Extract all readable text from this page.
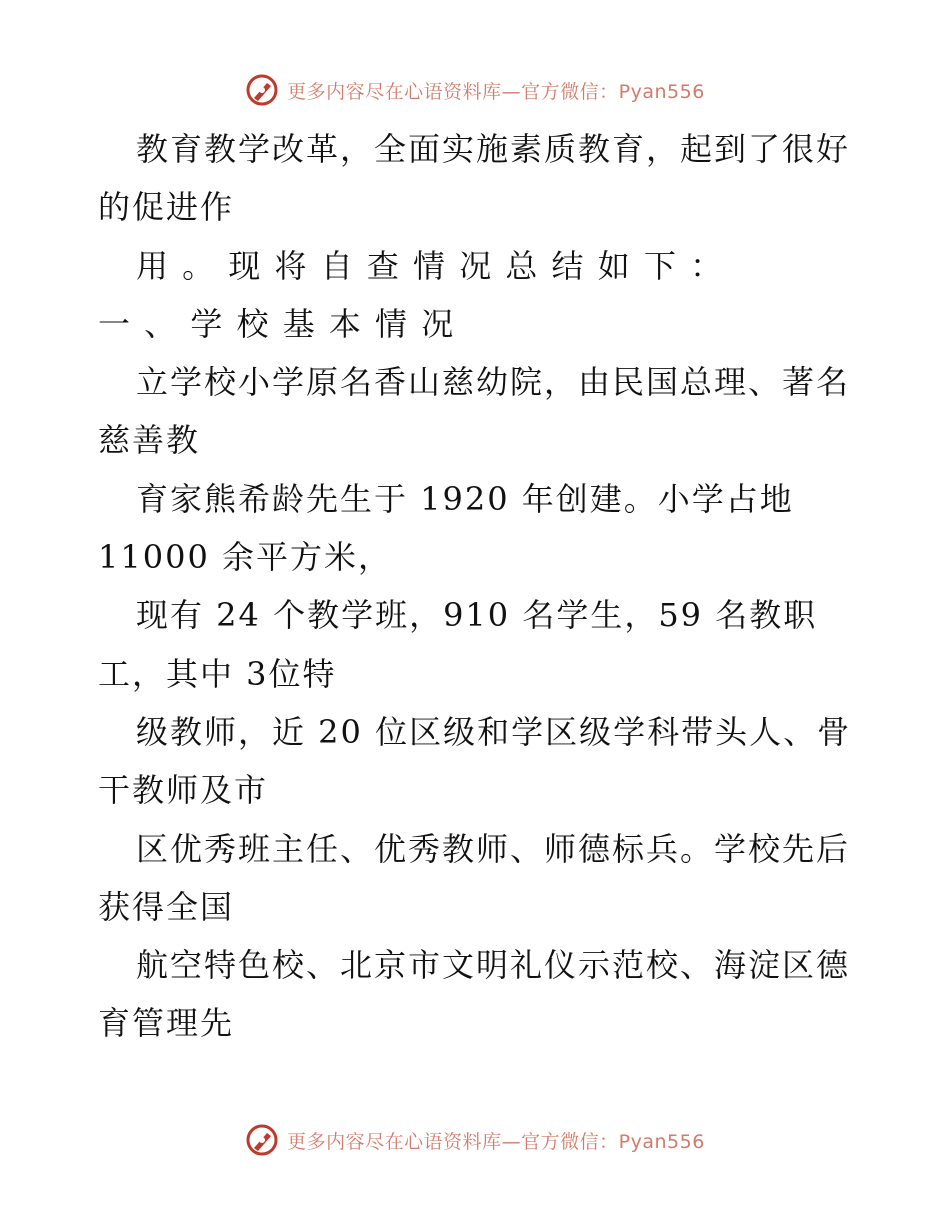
更多内容尽在心语资料库—官方微信：Pyan556
教育教学改革，全面实施素质教育，起到了很好
的促进作
用 。 现 将 自 查 情 况 总 结 如 下 ：
一 、 学 校 基 本 情 况
立学校小学原名香山慈幼院，由民国总理、著名
慈善教
育家熊希龄先生于 1920 年创建。小学占地
11000 余平方米，
现有 24 个教学班，910 名学生，59 名教职
工，其中 3位特
级教师，近 20 位区级和学区级学科带头人、骨
干教师及市
区优秀班主任、优秀教师、师德标兵。学校先后
获得全国
航空特色校、北京市文明礼仪示范校、海淀区德
育管理先
更多内容尽在心语资料库—官方微信：Pyan556
